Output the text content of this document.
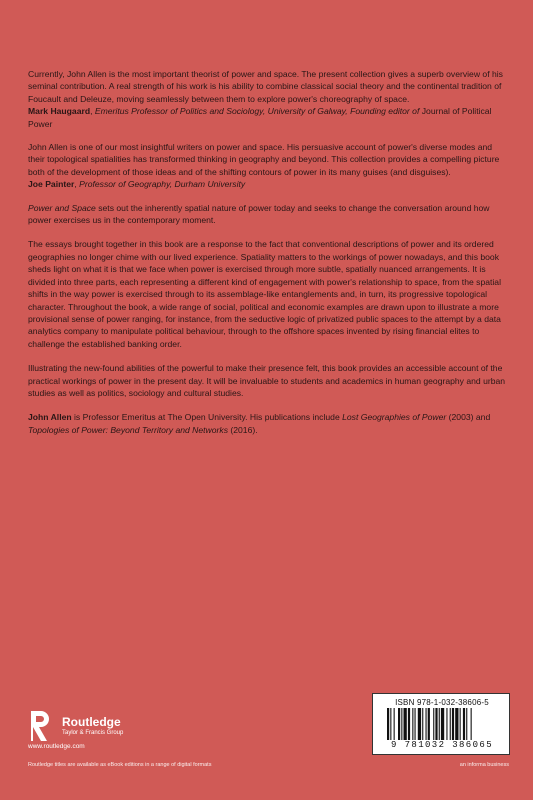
Currently, John Allen is the most important theorist of power and space. The present collection gives a superb overview of his seminal contribution. A real strength of his work is his ability to combine classical social theory and the continental tradition of Foucault and Deleuze, moving seamlessly between them to explore power's choreography of space.
Mark Haugaard, Emeritus Professor of Politics and Sociology, University of Galway, Founding editor of Journal of Political Power

John Allen is one of our most insightful writers on power and space. His persuasive account of power's diverse modes and their topological spatialities has transformed thinking in geography and beyond. This collection provides a compelling picture both of the development of those ideas and of the shifting contours of power in its many guises (and disguises).
Joe Painter, Professor of Geography, Durham University

Power and Space sets out the inherently spatial nature of power today and seeks to change the conversation around how power exercises us in the contemporary moment.

The essays brought together in this book are a response to the fact that conventional descriptions of power and its ordered geographies no longer chime with our lived experience. Spatiality matters to the workings of power nowadays, and this book sheds light on what it is that we face when power is exercised through more subtle, spatially nuanced arrangements. It is divided into three parts, each representing a different kind of engagement with power's relationship to space, from the spatial shifts in the way power is exercised through to its assemblage-like entanglements and, in turn, its progressive topological character. Throughout the book, a wide range of social, political and economic examples are drawn upon to illustrate a more provisional sense of power ranging, for instance, from the seductive logic of privatized public spaces to the attempt by a data analytics company to manipulate political behaviour, through to the offshore spaces invented by rising financial elites to challenge the established banking order.

Illustrating the new-found abilities of the powerful to make their presence felt, this book provides an accessible account of the practical workings of power in the present day. It will be invaluable to students and academics in human geography and urban studies as well as politics, sociology and cultural studies.

John Allen is Professor Emeritus at The Open University. His publications include Lost Geographies of Power (2003) and Topologies of Power: Beyond Territory and Networks (2016).

Routledge
Taylor & Francis Group
www.routledge.com
ISBN 978-1-032-38606-5
9 781032 386065
Routledge titles are available as eBook editions in a range of digital formats	an informa business
